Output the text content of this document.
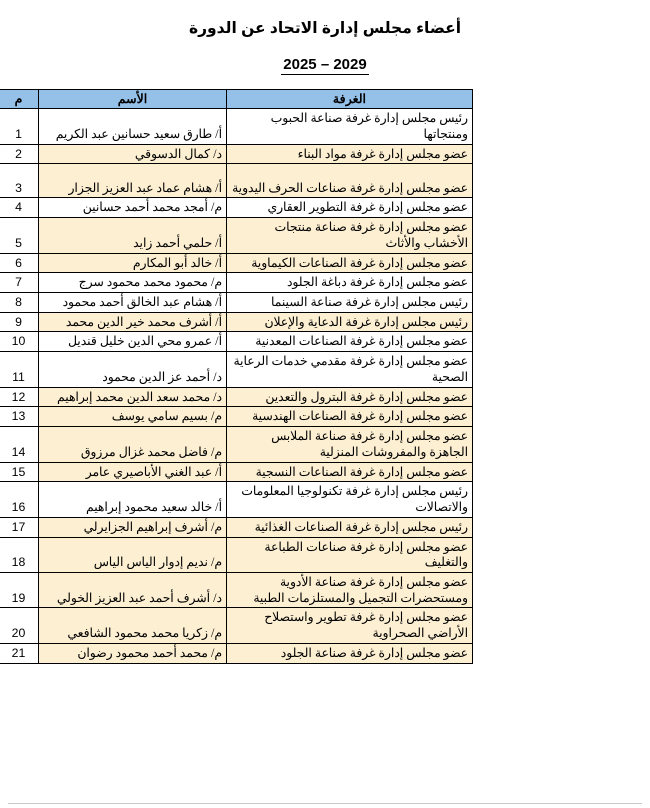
أعضاء مجلس إدارة الاتحاد عن الدورة
2025 – 2029
الغرفة	الأسم	م
رئيس مجلس إدارة غرفة صناعة الحبوب ومنتجاتها	أ/ طارق سعيد حسانين عبد الكريم	1
عضو مجلس إدارة غرفة مواد البناء	د/ كمال الدسوقي	2
عضو مجلس إدارة غرفة صناعات الحرف اليدوية	أ/ هشام عماد عبد العزيز الجزار	3
عضو مجلس إدارة غرفة التطوير العقاري	م/ أمجد محمد أحمد حسانين	4
عضو مجلس إدارة غرفة صناعة منتجات الأخشاب والأثاث	أ/ حلمي أحمد زايد	5
عضو مجلس إدارة غرفة الصناعات الكيماوية	أ/ خالد أبو المكارم	6
عضو مجلس إدارة غرفة دباغة الجلود	م/ محمود محمد محمود سرج	7
رئيس مجلس إدارة غرفة صناعة السينما	أ/ هشام عبد الخالق أحمد محمود	8
رئيس مجلس إدارة غرفة الدعاية والإعلان	أ/ أشرف محمد خير الدين محمد	9
عضو مجلس إدارة غرفة الصناعات المعدنية	أ/ عمرو محي الدين خليل قنديل	10
عضو مجلس إدارة غرفة مقدمي خدمات الرعاية الصحية	د/ أحمد عز الدين محمود	11
عضو مجلس إدارة غرفة البترول والتعدين	د/ محمد سعد الدين محمد إبراهيم	12
عضو مجلس إدارة غرفة الصناعات الهندسية	م/ بسيم سامي يوسف	13
عضو مجلس إدارة غرفة صناعة الملابس الجاهزة والمفروشات المنزلية	م/ فاضل محمد غزال مرزوق	14
عضو مجلس إدارة غرفة الصناعات النسجية	أ/ عبد الغني الأباصيري عامر	15
رئيس مجلس إدارة غرفة تكنولوجيا المعلومات والاتصالات	أ/ خالد سعيد محمود إبراهيم	16
رئيس مجلس إدارة غرفة الصناعات الغذائية	م/ أشرف إبراهيم الجزايرلي	17
عضو مجلس إدارة غرفة صناعات الطباعة والتغليف	م/ نديم إدوار الياس الياس	18
عضو مجلس إدارة غرفة صناعة الأدوية ومستحضرات التجميل والمستلزمات الطبية	د/ أشرف أحمد عبد العزيز الخولي	19
عضو مجلس إدارة غرفة تطوير واستصلاح الأراضي الصحراوية	م/ زكريا محمد محمود الشافعي	20
عضو مجلس إدارة غرفة صناعة الجلود	م/ محمد أحمد محمود رضوان	21
